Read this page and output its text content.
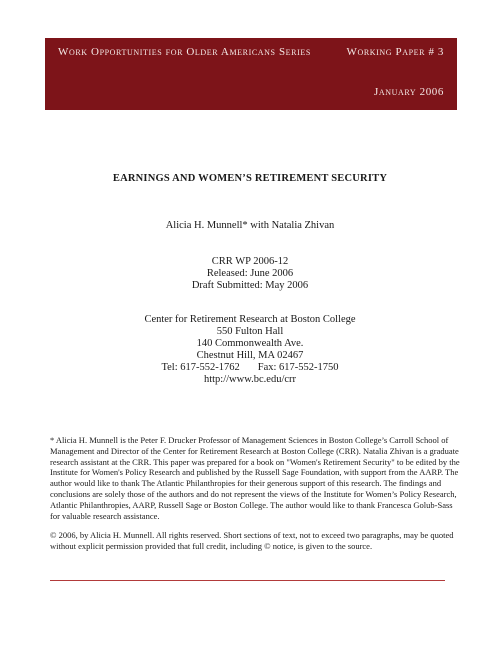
Work Opportunities for Older Americans Series	Working Paper # 3
January 2006
EARNINGS AND WOMEN’S RETIREMENT SECURITY
Alicia H. Munnell* with Natalia Zhivan
CRR WP 2006-12
Released: June 2006
Draft Submitted: May 2006
Center for Retirement Research at Boston College
550 Fulton Hall
140 Commonwealth Ave.
Chestnut Hill, MA 02467
Tel: 617-552-1762 Fax: 617-552-1750
http://www.bc.edu/crr
* Alicia H. Munnell is the Peter F. Drucker Professor of Management Sciences in Boston College’s Carroll School of Management and Director of the Center for Retirement Research at Boston College (CRR). Natalia Zhivan is a graduate research assistant at the CRR. This paper was prepared for a book on "Women's Retirement Security" to be edited by the Institute for Women's Policy Research and published by the Russell Sage Foundation, with support from the AARP. The author would like to thank The Atlantic Philanthropies for their generous support of this research. The findings and conclusions are solely those of the authors and do not represent the views of the Institute for Women’s Policy Research, Atlantic Philanthropies, AARP, Russell Sage or Boston College. The author would like to thank Francesca Golub-Sass for valuable research assistance.
© 2006, by Alicia H. Munnell. All rights reserved. Short sections of text, not to exceed two paragraphs, may be quoted without explicit permission provided that full credit, including © notice, is given to the source.
